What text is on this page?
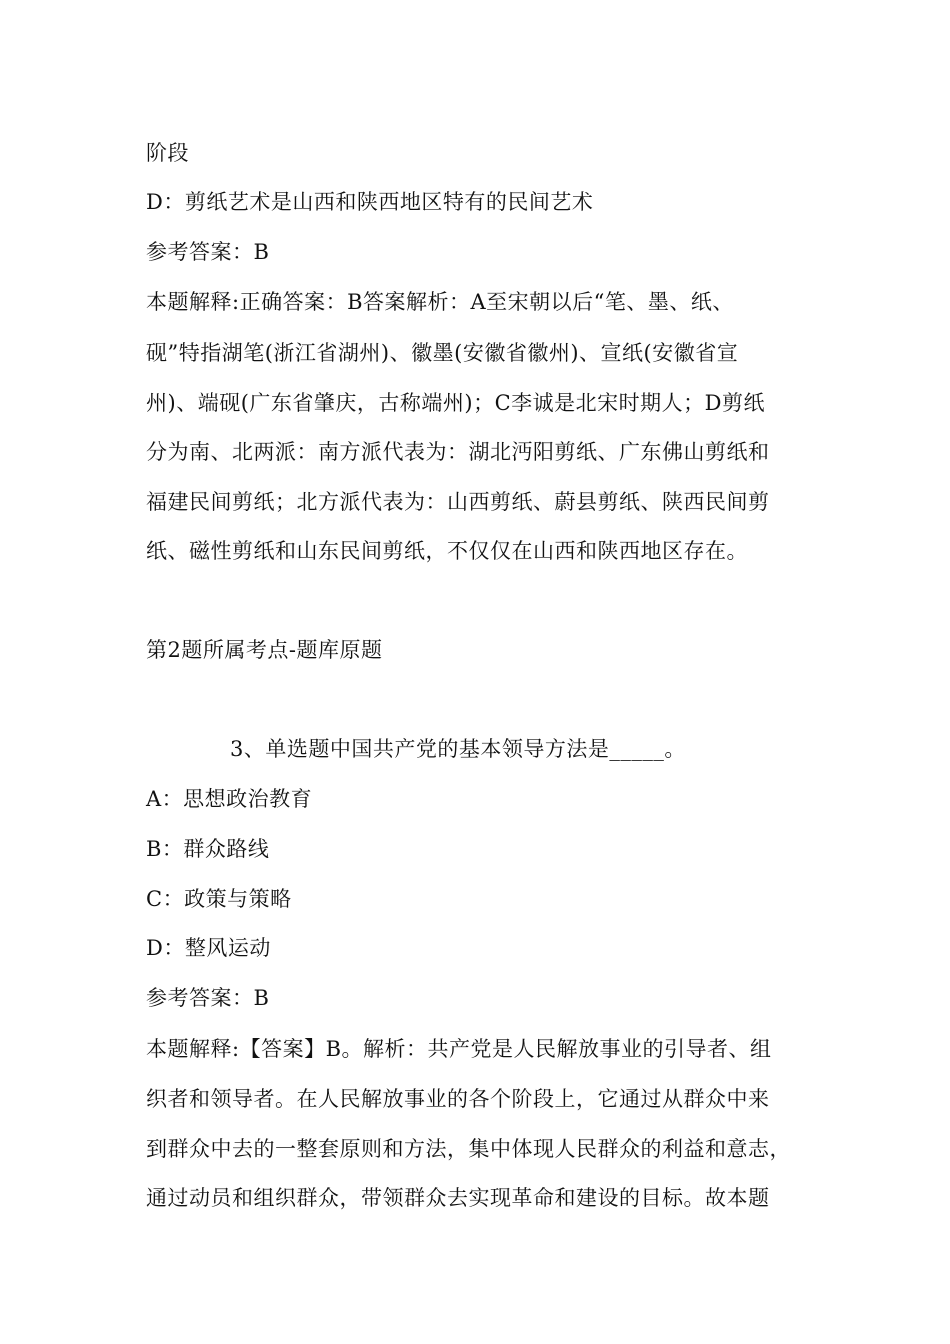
阶段
D：剪纸艺术是山西和陕西地区特有的民间艺术
参考答案：B
本题解释:正确答案：B答案解析：A至宋朝以后“笔、墨、纸、
砚”特指湖笔(浙江省湖州)、徽墨(安徽省徽州)、宣纸(安徽省宣
州)、端砚(广东省肇庆，古称端州)；C李诚是北宋时期人；D剪纸
分为南、北两派：南方派代表为：湖北沔阳剪纸、广东佛山剪纸和
福建民间剪纸；北方派代表为：山西剪纸、蔚县剪纸、陕西民间剪
纸、磁性剪纸和山东民间剪纸，不仅仅在山西和陕西地区存在。
第2题所属考点-题库原题
3、单选题中国共产党的基本领导方法是_____。
A：思想政治教育
B：群众路线
C：政策与策略
D：整风运动
参考答案：B
本题解释:【答案】B。解析：共产党是人民解放事业的引导者、组
织者和领导者。在人民解放事业的各个阶段上，它通过从群众中来
到群众中去的一整套原则和方法，集中体现人民群众的利益和意志，
通过动员和组织群众，带领群众去实现革命和建设的目标。故本题
